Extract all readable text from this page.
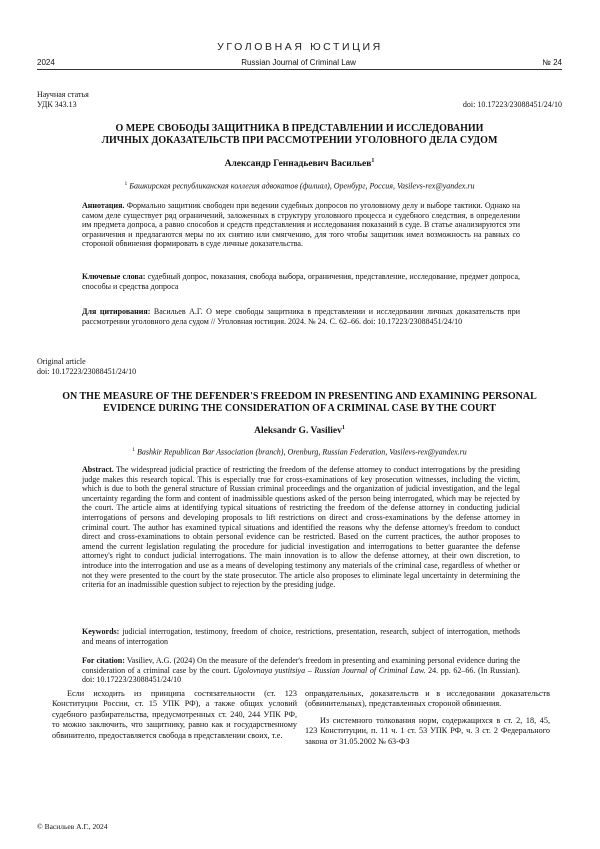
УГОЛОВНАЯ ЮСТИЦИЯ
2024	Russian Journal of Criminal Law	№ 24
Научная статья
УДК 343.13	doi: 10.17223/23088451/24/10
О МЕРЕ СВОБОДЫ ЗАЩИТНИКА В ПРЕДСТАВЛЕНИИ И ИССЛЕДОВАНИИ
ЛИЧНЫХ ДОКАЗАТЕЛЬСТВ ПРИ РАССМОТРЕНИИ УГОЛОВНОГО ДЕЛА СУДОМ
Александр Геннадьевич Васильев$^1$
$^1$ Башкирская республиканская коллегия адвокатов (филиал), Оренбург, Россия, Vasilevs-rex@yandex.ru
Аннотация. Формально защитник свободен при ведении судебных допросов по уголовному делу и выборе тактики. Однако на самом деле существует ряд ограничений, заложенных в структуру уголовного процесса и судебного следствия, в определении им предмета допроса, а равно способов и средств представления и исследования показаний в суде. В статье анализируются эти ограничения и предлагаются меры по их снятию или смягчению, для того чтобы защитник имел возможность на равных со стороной обвинения формировать в суде личные доказательства.
Ключевые слова: судебный допрос, показания, свобода выбора, ограничения, представление, исследование, предмет допроса, способы и средства допроса
Для цитирования: Васильев А.Г. О мере свободы защитника в представлении и исследовании личных доказательств при рассмотрении уголовного дела судом // Уголовная юстиция. 2024. № 24. С. 62–66. doi: 10.17223/23088451/24/10
Original article
doi: 10.17223/23088451/24/10
ON THE MEASURE OF THE DEFENDER'S FREEDOM IN PRESENTING AND EXAMINING PERSONAL
EVIDENCE DURING THE CONSIDERATION OF A CRIMINAL CASE BY THE COURT
Aleksandr G. Vasiliev$^1$
$^1$ Bashkir Republican Bar Association (branch), Orenburg, Russian Federation, Vasilevs-rex@yandex.ru
Abstract. The widespread judicial practice of restricting the freedom of the defense attorney to conduct interrogations by the presiding judge makes this research topical. This is especially true for cross-examinations of key prosecution witnesses, including the victim, which is due to both the general structure of Russian criminal proceedings and the organization of judicial investigation, and the legal uncertainty regarding the form and content of inadmissible questions asked of the person being interrogated, which may be rejected by the court. The article aims at identifying typical situations of restricting the freedom of the defense attorney in conducting judicial interrogations of persons and developing proposals to lift restrictions on direct and cross-examinations by the defense attorney in criminal court. The author has examined typical situations and identified the reasons why the defense attorney's freedom to conduct direct and cross-examinations to obtain personal evidence can be restricted. Based on the current practices, the author proposes to amend the current legislation regulating the procedure for judicial investigation and interrogations to better guarantee the defense attorney's right to conduct judicial interrogations. The main innovation is to allow the defense attorney, at their own discretion, to introduce into the interrogation and use as a means of developing testimony any materials of the criminal case, regardless of whether or not they were presented to the court by the state prosecutor. The article also proposes to eliminate legal uncertainty in determining the criteria for an inadmissible question subject to rejection by the presiding judge.
Keywords: judicial interrogation, testimony, freedom of choice, restrictions, presentation, research, subject of interrogation, methods and means of interrogation
For citation: Vasiliev, A.G. (2024) On the measure of the defender's freedom in presenting and examining personal evidence during the consideration of a criminal case by the court. Ugolovnaya yustitsiya – Russian Journal of Criminal Law. 24. pp. 62–66. (In Russian). doi: 10.17223/23088451/24/10

Если исходить из принципа состязательности (ст. 123 Конституции России, ст. 15 УПК РФ), а также общих условий судебного разбирательства, предусмотренных ст. 240, 244 УПК РФ, то можно заключить, что защитнику, равно как и государственному обвинителю, предоставляется свобода в представлении своих, т.е.

оправдательных, доказательств и в исследовании доказательств (обвинительных), представленных стороной обвинения.

Из системного толкования норм, содержащихся в ст. 2, 18, 45, 123 Конституции, п. 11 ч. 1 ст. 53 УПК РФ, ч. 3 ст. 2 Федерального закона от 31.05.2002 № 63-ФЗ

© Васильев А.Г., 2024
